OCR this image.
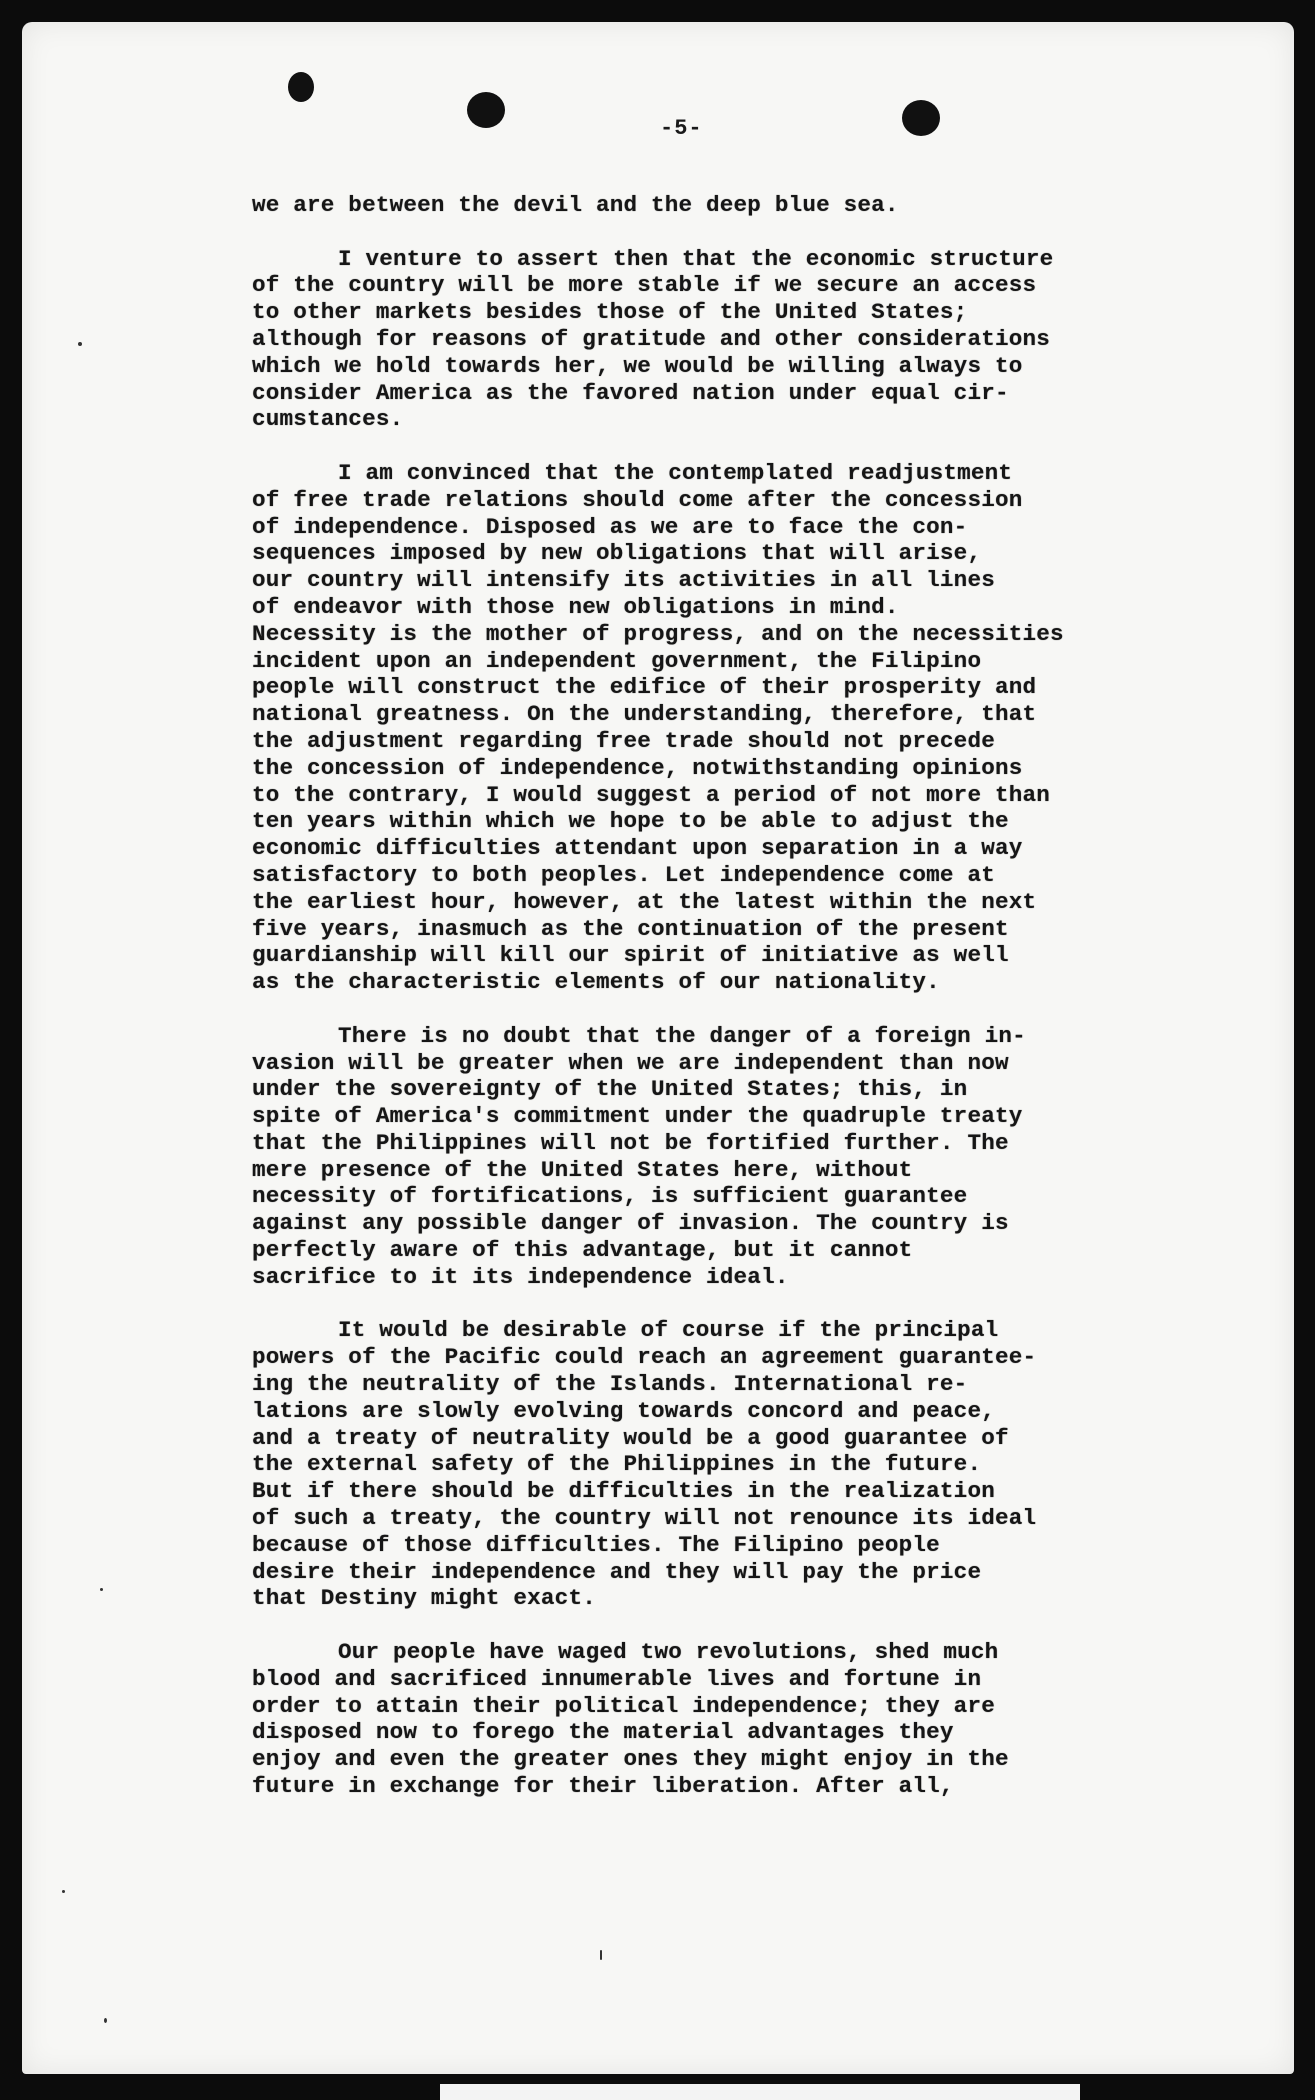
-5-

we are between the devil and the deep blue sea.

I venture to assert then that the economic structure
of the country will be more stable if we secure an access
to other markets besides those of the United States;
although for reasons of gratitude and other considerations
which we hold towards her, we would be willing always to
consider America as the favored nation under equal cir-
cumstances.

I am convinced that the contemplated readjustment
of free trade relations should come after the concession
of independence. Disposed as we are to face the con-
sequences imposed by new obligations that will arise,
our country will intensify its activities in all lines
of endeavor with those new obligations in mind.
Necessity is the mother of progress, and on the necessities
incident upon an independent government, the Filipino
people will construct the edifice of their prosperity and
national greatness. On the understanding, therefore, that
the adjustment regarding free trade should not precede
the concession of independence, notwithstanding opinions
to the contrary, I would suggest a period of not more than
ten years within which we hope to be able to adjust the
economic difficulties attendant upon separation in a way
satisfactory to both peoples. Let independence come at
the earliest hour, however, at the latest within the next
five years, inasmuch as the continuation of the present
guardianship will kill our spirit of initiative as well
as the characteristic elements of our nationality.

There is no doubt that the danger of a foreign in-
vasion will be greater when we are independent than now
under the sovereignty of the United States; this, in
spite of America's commitment under the quadruple treaty
that the Philippines will not be fortified further. The
mere presence of the United States here, without
necessity of fortifications, is sufficient guarantee
against any possible danger of invasion. The country is
perfectly aware of this advantage, but it cannot
sacrifice to it its independence ideal.

It would be desirable of course if the principal
powers of the Pacific could reach an agreement guarantee-
ing the neutrality of the Islands. International re-
lations are slowly evolving towards concord and peace,
and a treaty of neutrality would be a good guarantee of
the external safety of the Philippines in the future.
But if there should be difficulties in the realization
of such a treaty, the country will not renounce its ideal
because of those difficulties. The Filipino people
desire their independence and they will pay the price
that Destiny might exact.

Our people have waged two revolutions, shed much
blood and sacrificed innumerable lives and fortune in
order to attain their political independence; they are
disposed now to forego the material advantages they
enjoy and even the greater ones they might enjoy in the
future in exchange for their liberation. After all,
